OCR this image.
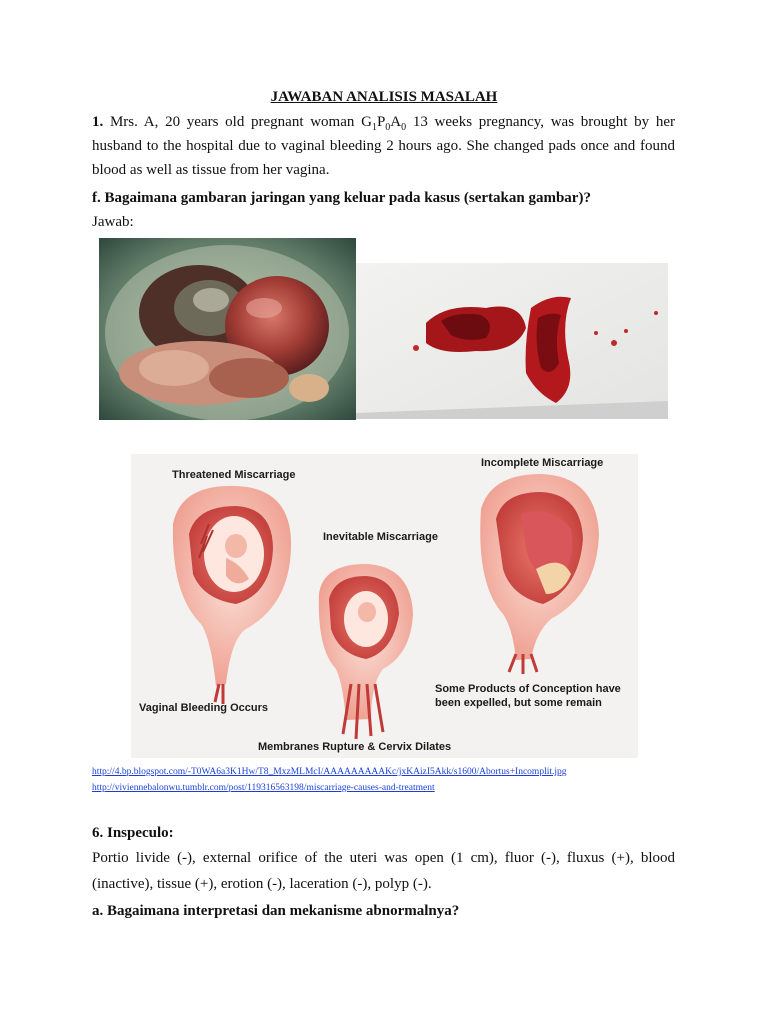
JAWABAN ANALISIS MASALAH
1. Mrs. A, 20 years old pregnant woman $G_1P_0A_0$ 13 weeks pregnancy, was brought by her husband to the hospital due to vaginal bleeding 2 hours ago. She changed pads once and found blood as well as tissue from her vagina.
f. Bagaimana gambaran jaringan yang keluar pada kasus (sertakan gambar)?
Jawab:
Threatened Miscarriage
Inevitable Miscarriage
Incomplete Miscarriage
Vaginal Bleeding Occurs
Some Products of Conception have
been expelled, but some remain
Membranes Rupture & Cervix Dilates
http://4.bp.blogspot.com/-T0WA6a3K1Hw/T8_MxzMLMcI/AAAAAAAAAKc/jxKAizI5Akk/s1600/Abortus+Incomplit.jpg
http://viviennebalonwu.tumblr.com/post/119316563198/miscarriage-causes-and-treatment
6. Inspeculo:
Portio livide (-), external orifice of the uteri was open (1 cm), fluor (-), fluxus (+), blood (inactive), tissue (+), erotion (-), laceration (-), polyp (-).
a. Bagaimana interpretasi dan mekanisme abnormalnya?
